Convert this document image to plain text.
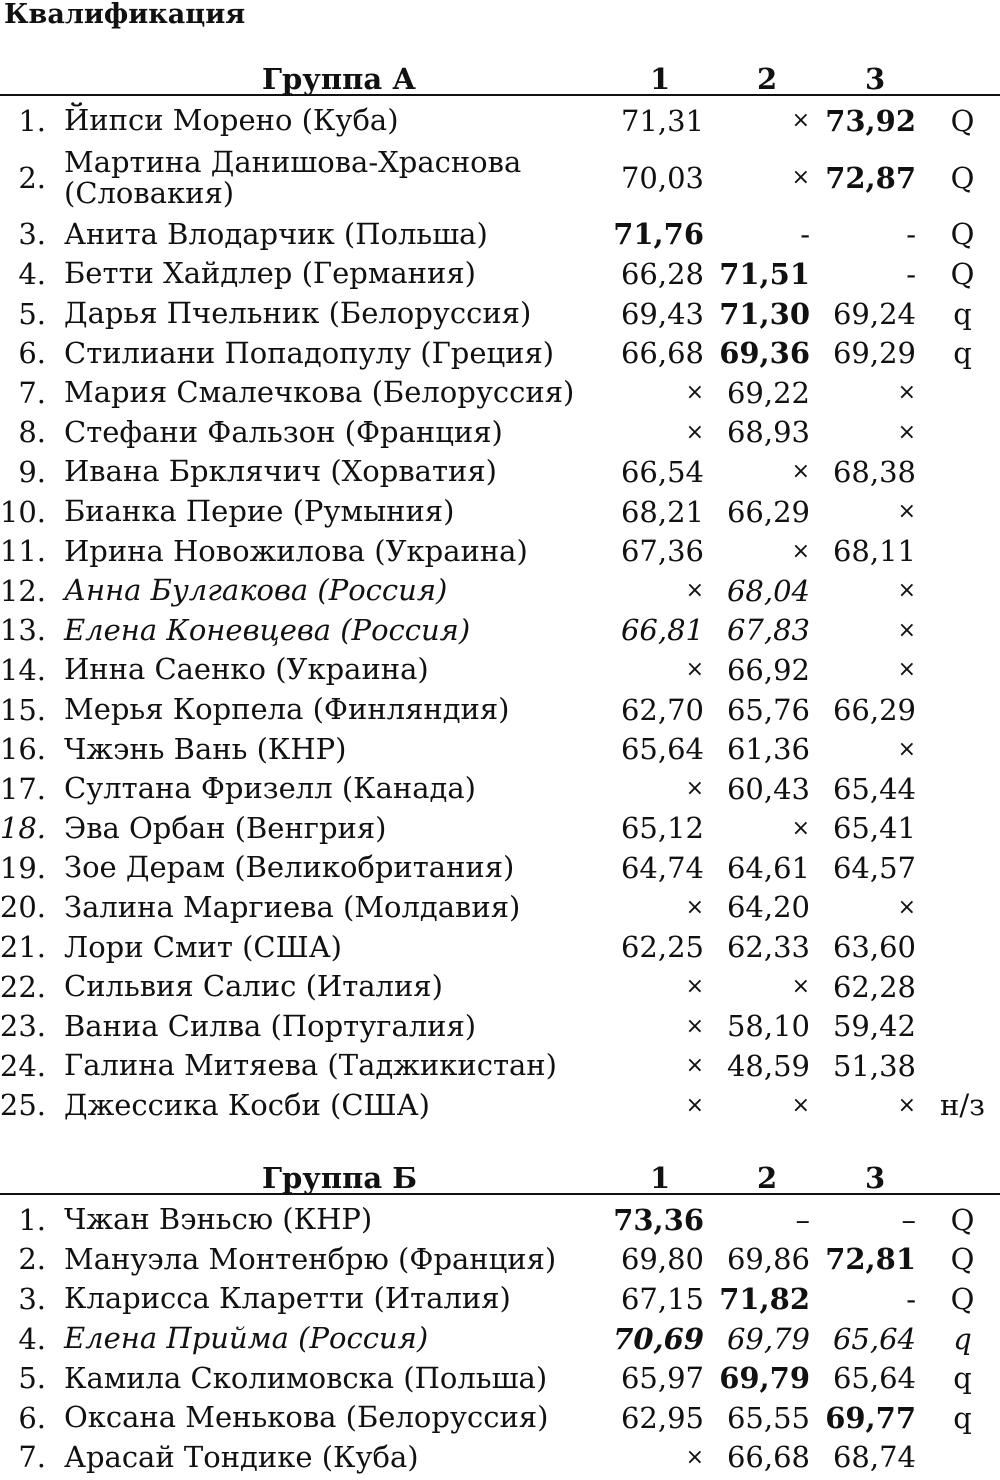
Квалификация
Группа А	1	2	3
1. Йипси Морено (Куба)	71,31	× 73,92	Q
2. Мартина Данишова-Храснова (Словакия)	70,03	× 72,87	Q
3. Анита Влодарчик (Польша)	71,76	-	-	Q
4. Бетти Хайдлер (Германия)	66,28 71,51	-	Q
5. Дарья Пчельник (Белоруссия)	69,43 71,30 69,24	q
6. Стилиани Попадопулу (Греция)	66,68 69,36 69,29	q
7. Мария Смалечкова (Белоруссия)	× 69,22	×
8. Стефани Фальзон (Франция)	× 68,93	×
9. Ивана Брклячич (Хорватия)	66,54	× 68,38
10. Бианка Перие (Румыния)	68,21 66,29	×
11. Ирина Новожилова (Украина)	67,36	× 68,11
12. Анна Булгакова (Россия)	× 68,04	×
13. Елена Коневцева (Россия)	66,81 67,83	×
14. Инна Саенко (Украина)	× 66,92	×
15. Мерья Корпела (Финляндия)	62,70 65,76 66,29
16. Чжэнь Вань (КНР)	65,64 61,36	×
17. Султана Фризелл (Канада)	× 60,43 65,44
18. Эва Орбан (Венгрия)	65,12	× 65,41
19. Зое Дерам (Великобритания)	64,74 64,61 64,57
20. Залина Маргиева (Молдавия)	× 64,20	×
21. Лори Смит (США)	62,25 62,33 63,60
22. Сильвия Салис (Италия)	×	× 62,28
23. Ваниа Силва (Португалия)	× 58,10 59,42
24. Галина Митяева (Таджикистан)	× 48,59 51,38
25. Джессика Косби (США)	×	×	× н/з
Группа Б	1	2	3
1. Чжан Вэньсю (КНР)	73,36	–	–	Q
2. Мануэла Монтенбрю (Франция)	69,80 69,86 72,81	Q
3. Кларисса Кларетти (Италия)	67,15 71,82	-	Q
4. Елена Прийма (Россия)	70,69 69,79 65,64	q
5. Камила Сколимовска (Польша)	65,97 69,79 65,64	q
6. Оксана Менькова (Белоруссия)	62,95 65,55 69,77	q
7. Арасай Тондике (Куба)	× 66,68 68,74
